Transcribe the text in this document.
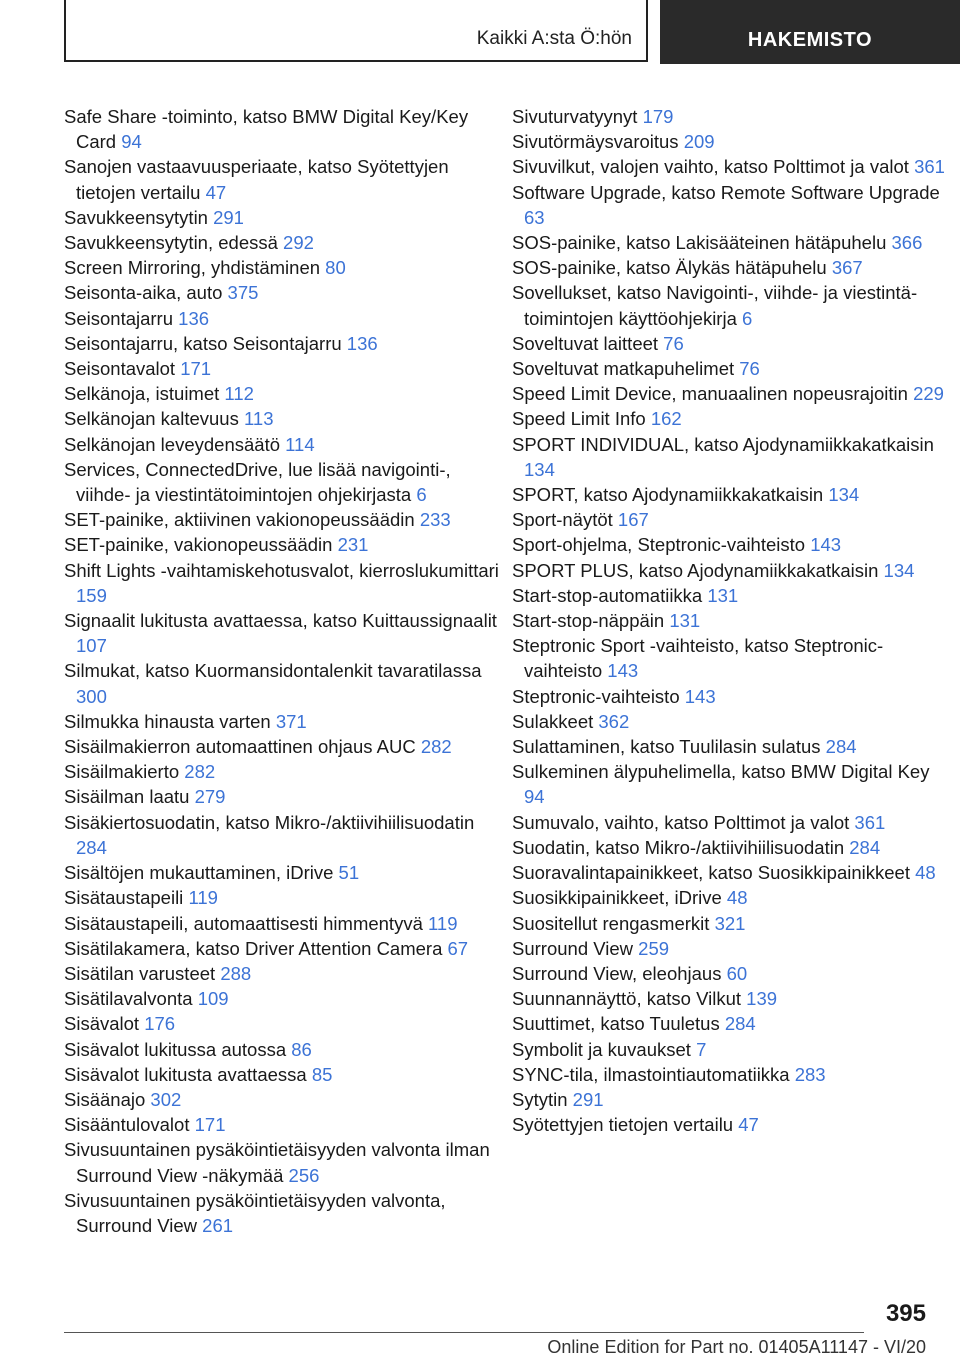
Kaikki A:sta Ö:hön	HAKEMISTO
Safe Share -toiminto, katso BMW Digital Key/Key Card 94
Sanojen vastaavuusperiaate, katso Syötettyjen tietojen vertailu 47
Savukkeensytytin 291
Savukkeensytytin, edessä 292
Screen Mirroring, yhdistäminen 80
Seisonta-aika, auto 375
Seisontajarru 136
Seisontajarru, katso Seisontajarru 136
Seisontavalot 171
Selkänoja, istuimet 112
Selkänojan kaltevuus 113
Selkänojan leveydensäätö 114
Services, ConnectedDrive, lue lisää navigointi-, viihde- ja viestintätoimintojen ohjekirjasta 6
SET-painike, aktiivinen vakionopeussäädin 233
SET-painike, vakionopeussäädin 231
Shift Lights -vaihtamiskehotusvalot, kierroslukumittari 159
Signaalit lukitusta avattaessa, katso Kuittaussignaalit 107
Silmukat, katso Kuormansidontalenkit tavaratilassa 300
Silmukka hinausta varten 371
Sisäilmakierron automaattinen ohjaus AUC 282
Sisäilmakierto 282
Sisäilman laatu 279
Sisäkiertosuodatin, katso Mikro-/aktiivihiilisuodatin 284
Sisältöjen mukauttaminen, iDrive 51
Sisätaustapeili 119
Sisätaustapeili, automaattisesti himmentyvä 119
Sisätilakamera, katso Driver Attention Camera 67
Sisätilan varusteet 288
Sisätilavalvonta 109
Sisävalot 176
Sisävalot lukitussa autossa 86
Sisävalot lukitusta avattaessa 85
Sisäänajo 302
Sisääntulovalot 171
Sivusuuntainen pysäköintietäisyyden valvonta ilman Surround View -näkymää 256
Sivusuuntainen pysäköintietäisyyden valvonta, Surround View 261
Sivuturvatyynyt 179
Sivutörmäysvaroitus 209
Sivuvilkut, valojen vaihto, katso Polttimot ja valot 361
Software Upgrade, katso Remote Software Upgrade 63
SOS-painike, katso Lakisääteinen hätäpuhelu 366
SOS-painike, katso Älykäs hätäpuhelu 367
Sovellukset, katso Navigointi-, viihde- ja viestintätoimintojen käyttöohjekirja 6
Soveltuvat laitteet 76
Soveltuvat matkapuhelimet 76
Speed Limit Device, manuaalinen nopeusrajoitin 229
Speed Limit Info 162
SPORT INDIVIDUAL, katso Ajodynamiikkakatkaisin 134
SPORT, katso Ajodynamiikkakatkaisin 134
Sport-näytöt 167
Sport-ohjelma, Steptronic-vaihteisto 143
SPORT PLUS, katso Ajodynamiikkakatkaisin 134
Start-stop-automatiikka 131
Start-stop-näppäin 131
Steptronic Sport -vaihteisto, katso Steptronic-vaihteisto 143
Steptronic-vaihteisto 143
Sulakkeet 362
Sulattaminen, katso Tuulilasin sulatus 284
Sulkeminen älypuhelimella, katso BMW Digital Key 94
Sumuvalo, vaihto, katso Polttimot ja valot 361
Suodatin, katso Mikro-/aktiivihiilisuodatin 284
Suoravalintapainikkeet, katso Suosikkipainikkeet 48
Suosikkipainikkeet, iDrive 48
Suositellut rengasmerkit 321
Surround View 259
Surround View, eleohjaus 60
Suunnannäyttö, katso Vilkut 139
Suuttimet, katso Tuuletus 284
Symbolit ja kuvaukset 7
SYNC-tila, ilmastointiautomatiikka 283
Sytytin 291
Syötettyjen tietojen vertailu 47
395
Online Edition for Part no. 01405A11147 - VI/20
